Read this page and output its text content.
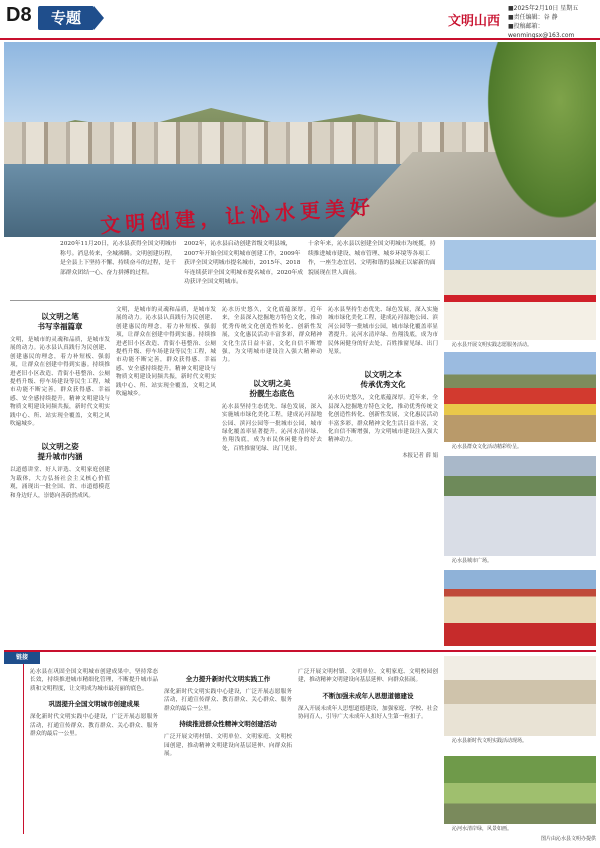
D8	专题	文明山西
■2025年2月10日 星期五
■责任编辑：谷 静
■投稿邮箱：wenmingsx@163.com
文明创建，让沁水更美好
2020年11月20日，沁水县获得全国文明城市称号。消息传来，全城沸腾。文明创建历程，是全县上下坚持不懈、持续奋斗的过程，是干部群众团结一心、奋力拼搏的过程。
2002年，沁水县启动创建省级文明县城，2007年开始全国文明城市创建工作，2009年获评全国文明城市提名城市，2015年、2018年连续获评全国文明城市提名城市，2020年成功获评全国文明城市。
十余年来，沁水县以创建全国文明城市为统揽，持续推进城市建设、城市管理、城乡环境等各项工作，一座生态宜居、文明和谐的县城正以崭新的面貌展现在世人面前。
沁水县开展文明实践志愿服务活动。
沁水县群众文化活动精彩纷呈。
沁水县城市广场。
以文明之笔
书写幸福篇章
文明，是城市的灵魂和品质，是城市发展的动力。沁水县认真践行为民创建、创建惠民的理念，着力补短板、强弱项，让群众在创建中得到实惠。持续推进老旧小区改造、背街小巷整治、公厕提档升级、停车场建设等民生工程，城市功能不断完善，群众获得感、幸福感、安全感持续提升。精神文明建设与物质文明建设同频共振，新时代文明实践中心、所、站实现全覆盖，文明之风吹遍城乡。
以文明之姿
提升城市内涵
以道德讲堂、好人评选、文明家庭创建为载体，大力弘扬社会主义核心价值观，涌现出一批全国、省、市道德模范和身边好人，崇德向善蔚然成风。
文明，是城市的灵魂和品质，是城市发展的动力。沁水县认真践行为民创建、创建惠民的理念，着力补短板、强弱项，让群众在创建中得到实惠。持续推进老旧小区改造、背街小巷整治、公厕提档升级、停车场建设等民生工程，城市功能不断完善，群众获得感、幸福感、安全感持续提升。精神文明建设与物质文明建设同频共振，新时代文明实践中心、所、站实现全覆盖，文明之风吹遍城乡。
沁水历史悠久，文化底蕴深厚。近年来，全县深入挖掘地方特色文化，推动优秀传统文化创造性转化、创新性发展，文化惠民活动丰富多彩，群众精神文化生活日益丰富，文化自信不断增强，为文明城市建设注入强大精神动力。
以文明之美
扮靓生态底色
沁水县坚持生态优先、绿色发展，深入实施城市绿化美化工程，建成沁河湿地公园、滨河公园等一批城市公园，城市绿化覆盖率显著提升。沁河水清岸绿、鱼翔浅底，成为市民休闲健身的好去处，百姓推窗见绿、出门见景。
沁水县坚持生态优先、绿色发展，深入实施城市绿化美化工程，建成沁河湿地公园、滨河公园等一批城市公园，城市绿化覆盖率显著提升。沁河水清岸绿、鱼翔浅底，成为市民休闲健身的好去处，百姓推窗见绿、出门见景。
以文明之本
传承优秀文化
沁水历史悠久，文化底蕴深厚。近年来，全县深入挖掘地方特色文化，推动优秀传统文化创造性转化、创新性发展，文化惠民活动丰富多彩，群众精神文化生活日益丰富，文化自信不断增强，为文明城市建设注入强大精神动力。
本报记者 薛 娟
链接
沁水县在巩固全国文明城市创建成果中，坚持常态长效，持续推进城市精细化管理，不断提升城市品质和文明程度，让文明成为城市最亮丽的底色。
巩固提升全国文明城市创建成果
深化新时代文明实践中心建设，广泛开展志愿服务活动，打通宣传群众、教育群众、关心群众、服务群众的最后一公里。
全力提升新时代文明实践工作
深化新时代文明实践中心建设，广泛开展志愿服务活动，打通宣传群众、教育群众、关心群众、服务群众的最后一公里。
持续推进群众性精神文明创建活动
广泛开展文明村镇、文明单位、文明家庭、文明校园创建，推动精神文明建设向基层延伸、向群众拓展。
广泛开展文明村镇、文明单位、文明家庭、文明校园创建，推动精神文明建设向基层延伸、向群众拓展。
不断加强未成年人思想道德建设
深入开展未成年人思想道德建设，加强家庭、学校、社会协同育人，引导广大未成年人扣好人生第一粒扣子。
沁水县新时代文明实践活动现场。
沁河水清岸绿，风景如画。
图片由沁水县文明办提供
